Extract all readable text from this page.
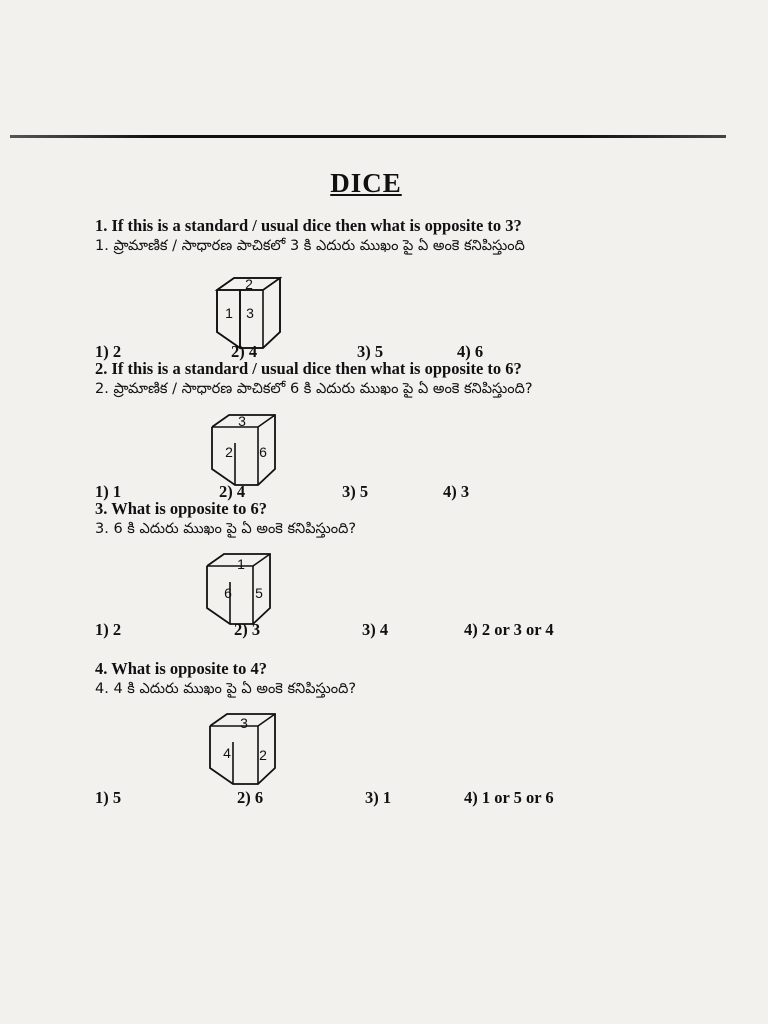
DICE
1. If this is a standard / usual dice then what is opposite to 3?
1. ప్రామాణిక / సాధారణ పాచికలో 3 కి ఎదురు ముఖం పై ఏ అంకె కనిపిస్తుంది
2
1 3
1) 2	2) 4	3) 5	4) 6
2. If this is a standard / usual dice then what is opposite to 6?
2. ప్రామాణిక / సాధారణ పాచికలో 6 కి ఎదురు ముఖం పై ఏ అంకె కనిపిస్తుంది?
3
2 6
1) 1	2) 4	3) 5	4) 3
3. What is opposite to 6?
3. 6 కి ఎదురు ముఖం పై ఏ అంకె కనిపిస్తుంది?
1
6 5
1) 2	2) 3	3) 4	4) 2 or 3 or 4
4. What is opposite to 4?
4. 4 కి ఎదురు ముఖం పై ఏ అంకె కనిపిస్తుంది?
3
4 2
1) 5	2) 6	3) 1	4) 1 or 5 or 6
